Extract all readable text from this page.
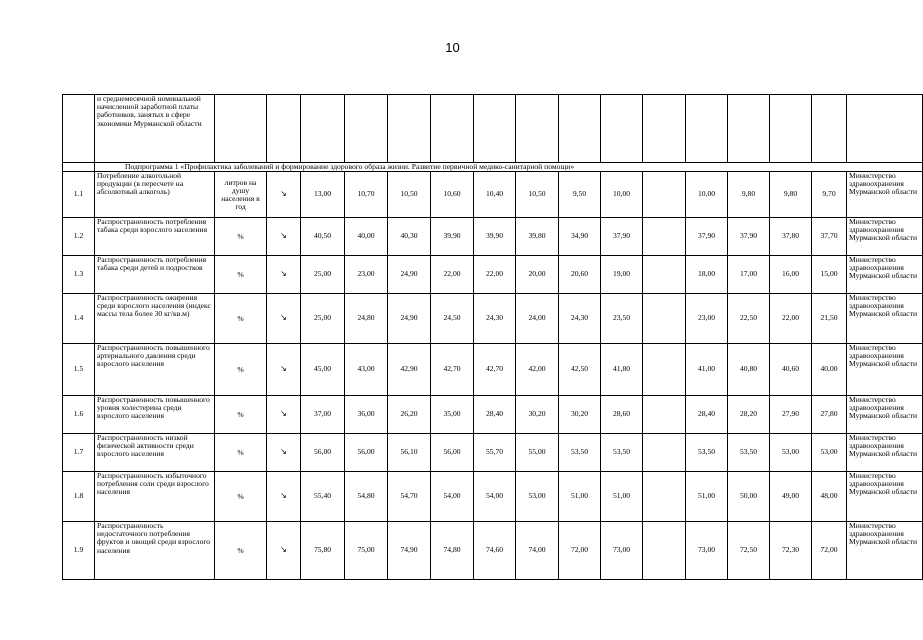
10
	и среднемесячной номинальной начисленной заработной платы работников, занятых в сфере экономики Мурманской области																
	Подпрограмма 1 «Профилактика заболеваний и формирование здорового образа жизни. Развитие первичной медико-санитарной помощи»																
1.1	Потребление алкогольной продукции (в пересчете на абсолютный алкоголь)	литров на душу населения в год	↘	13,00	10,70	10,50	10,60	10,40	10,50	9,50	10,00		10,00	9,80	9,80	9,70	Министерство здравоохранения Мурманской области
1.2	Распространенность потребления табака среди взрослого населения	%	↘	40,50	40,00	40,30	39,90	39,90	39,80	34,90	37,90		37,90	37,90	37,80	37,70	Министерство здравоохранения Мурманской области
1.3	Распространенность потребления табака среди детей и подростков	%	↘	25,00	23,00	24,90	22,00	22,00	20,00	20,60	19,00		18,00	17,00	16,00	15,00	Министерство здравоохранения Мурманской области
1.4	Распространенность ожирения среди взрослого населения (индекс массы тела более 30 кг/кв.м)	%	↘	25,00	24,80	24,90	24,50	24,30	24,00	24,30	23,50		23,00	22,50	22,00	21,50	Министерство здравоохранения Мурманской области
1.5	Распространенность повышенного артериального давления среди взрослого населения	%	↘	45,00	43,00	42,90	42,70	42,70	42,00	42,50	41,80		41,00	40,80	40,60	40,00	Министерство здравоохранения Мурманской области
1.6	Распространенность повышенного уровня холестерина среди взрослого населения	%	↘	37,00	36,00	26,20	35,00	28,40	30,20	30,20	28,60		28,40	28,20	27,90	27,80	Министерство здравоохранения Мурманской области
1.7	Распространенность низкой физической активности среди взрослого населения	%	↘	56,00	56,00	56,10	56,00	55,70	55,00	53,50	53,50		53,50	53,50	53,00	53,00	Министерство здравоохранения Мурманской области
1.8	Распространенность избыточного потребления соли среди взрослого населения	%	↘	55,40	54,80	54,70	54,00	54,00	53,00	51,00	51,00		51,00	50,00	49,00	48,00	Министерство здравоохранения Мурманской области
1.9	Распространенность недостаточного потребления фруктов и овощей среди взрослого населения	%	↘	75,80	75,00	74,90	74,80	74,60	74,00	72,00	73,00		73,00	72,50	72,30	72,00	Министерство здравоохранения Мурманской области
